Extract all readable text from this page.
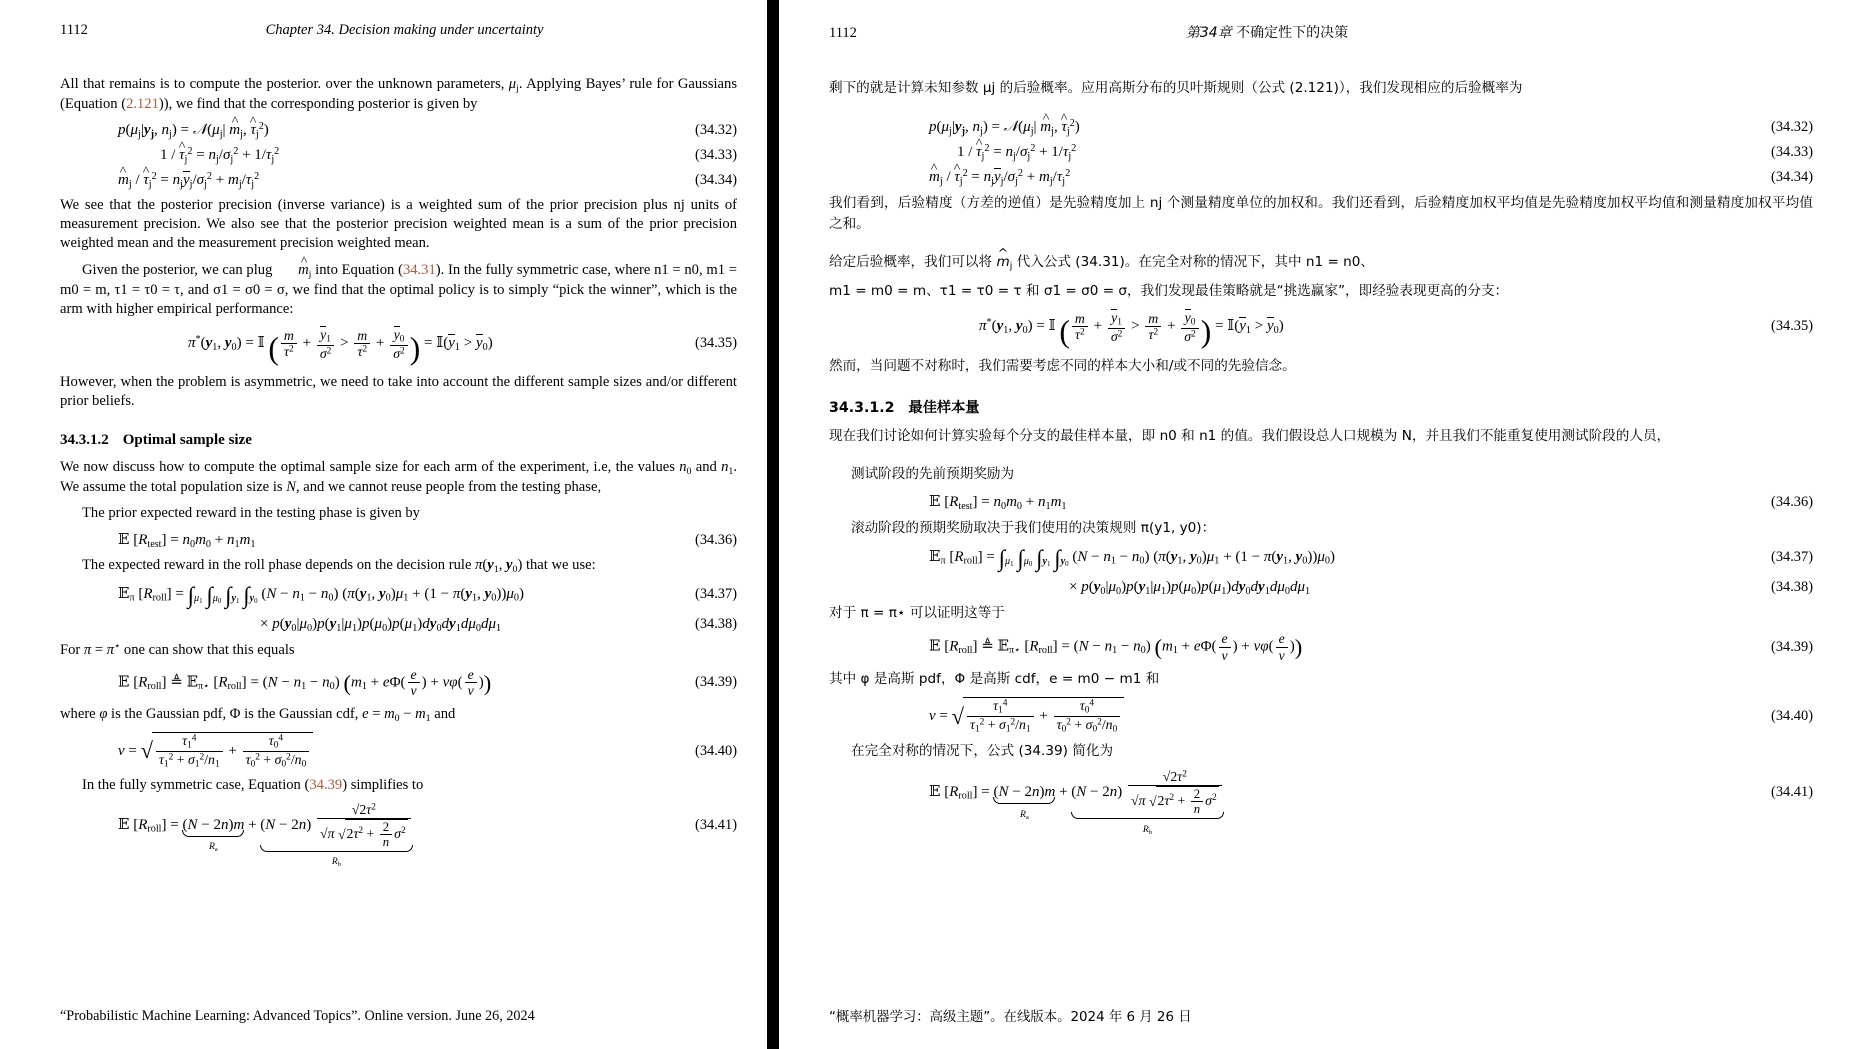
1112	Chapter 34. Decision making under uncertainty

All that remains is to compute the posterior. over the unknown parameters, $\mu_j$. Applying Bayes’ rule for Gaussians (Equation (2.121)), we find that the corresponding posterior is given by

$p(\mu_j|y_j$, $n_j$) = $𝒩(\mu_j|$ ^ $m_j$, ^ $\tau_j^2$)	(34.32)
1 / ^ $\tau_j^2 = n_j/\sigma_j^2 + 1/\tau_j^2$	(34.33)
^ $m_j$ / ^ $\tau_j^2 = n_jy_j/\sigma_j^2 + m_j/\tau_j^2$	(34.34)

We see that the posterior precision (inverse variance) is a weighted sum of the prior precision plus nj units of measurement precision. We also see that the posterior precision weighted mean is a sum of the prior precision weighted mean and the measurement precision weighted mean.

Given the posterior, we can plug ^ $m_j$ into Equation (34.31). In the fully symmetric case, where n1 = n0, m1 = m0 = m, τ1 = τ0 = τ, and σ1 = σ0 = σ, we find that the optimal policy is to simply “pick the winner”, which is the arm with higher empirical performance:

$\pi^*(y_1$, $y_0$) = 𝕀 ( $\frac{m}{\tau^2} + \frac{y_1}{\sigma^2} > \frac{m}{\tau^2} + \frac{y_0}{\sigma^2}$ ) = $𝕀(y_1 > y_0)$	(34.35)

However, when the problem is asymmetric, we need to take into account the different sample sizes and/or different prior beliefs.

34.3.1.2 Optimal sample size

We now discuss how to compute the optimal sample size for each arm of the experiment, i.e, the values $n_0$ and $n_1$. We assume the total population size is N, and we cannot reuse people from the testing phase,

The prior expected reward in the testing phase is given by

𝔼 $[R_{test}] = n_0m_0 + n_1m_1$	(34.36)

The expected reward in the roll phase depends on the decision rule $\pi(y_1$, $y_0$) that we use:

𝔼$_\pi$ $[R_{roll}] = \int_{\mu_1}$ $\int_{\mu_0}$ $\int_{y_1}$ $\int_{y_0}$ $(N - n_1 - n_0)$ ($\pi(y_1$, $y_0)\mu_1 + (1 - \pi(y_1$, $y_0))\mu_0$)	(34.37)
× $p(y_0|\mu_0)p(y_1|\mu_1)p(\mu_0)p(\mu_1)dy_0dy_1d\mu_0d\mu_1$	(34.38)

For π = π⋆ one can show that this equals

𝔼 $[R_{roll}]$ ≜ 𝔼$_{\pi⋆}$ $[R_{roll}] = (N - n_1 - n_0) (m_1 + e\Phi( \frac{e}{v}$ ) + $v\varphi( \frac{e}{v}$ ))	(34.39)

where φ is the Gaussian pdf, Φ is the Gaussian cdf, $e = m_0 - m_1$ and

v = √ $\frac{\tau_1^4}{\tau_1^2 + \sigma_1^2/n_1} + \frac{\tau_0^4}{\tau_0^2 + \sigma_0^2/n_0}$	(34.40)

In the fully symmetric case, Equation (34.39) simplifies to

𝔼 $[R_{roll}] = (N - 2n)m$
$R_a$
+ $(N - 2n) \frac{√2\tau^2}{√\pi √2\tau^2 + \frac{2}{n} \sigma^2}$
$R_b$
(34.41)
“Probabilistic Machine Learning: Advanced Topics”. Online version. June 26, 2024
1112	第34章 不确定性下的决策

剩下的就是计算未知参数 μj 的后验概率。应用高斯分布的贝叶斯规则（公式 (2.121)），我们发现相应的后验概率为

$p(\mu_j|y_j$, $n_j$) = $𝒩(\mu_j|$ ^ $m_j$, ^ $\tau_j^2$)	(34.32)
1 / ^ $\tau_j^2 = n_j/\sigma_j^2 + 1/\tau_j^2$	(34.33)
^ $m_j$ / ^ $\tau_j^2 = n_jy_j/\sigma_j^2 + m_j/\tau_j^2$	(34.34)

我们看到，后验精度（方差的逆值）是先验精度加上 nj 个测量精度单位的加权和。我们还看到，后验精度加权平均值是先验精度加权平均值和测量精度加权平均值之和。

给定后验概率，我们可以将 ^ $m_j$ 代入公式 (34.31)。在完全对称的情况下，其中 n1 = n0、

m1 = m0 = m、τ1 = τ0 = τ 和 σ1 = σ0 = σ，我们发现最佳策略就是“挑选赢家”，即经验表现更高的分支：

$\pi^*(y_1$, $y_0$) = 𝕀 ( $\frac{m}{\tau^2} + \frac{y_1}{\sigma^2} > \frac{m}{\tau^2} + \frac{y_0}{\sigma^2}$ ) = $𝕀(y_1 > y_0)$	(34.35)

然而，当问题不对称时，我们需要考虑不同的样本大小和/或不同的先验信念。

34.3.1.2 最佳样本量

现在我们讨论如何计算实验每个分支的最佳样本量，即 n0 和 n1 的值。我们假设总人口规模为 N，并且我们不能重复使用测试阶段的人员，

测试阶段的先前预期奖励为

𝔼 $[R_{test}] = n_0m_0 + n_1m_1$	(34.36)

滚动阶段的预期奖励取决于我们使用的决策规则 π(y1, y0)：

𝔼$_\pi$ $[R_{roll}] = \int_{\mu_1}$ $\int_{\mu_0}$ $\int_{y_1}$ $\int_{y_0}$ $(N - n_1 - n_0)$ ($\pi(y_1$, $y_0)\mu_1 + (1 - \pi(y_1$, $y_0))\mu_0$)	(34.37)
× $p(y_0|\mu_0)p(y_1|\mu_1)p(\mu_0)p(\mu_1)dy_0dy_1d\mu_0d\mu_1$	(34.38)

对于 π = π⋆ 可以证明这等于

𝔼 $[R_{roll}]$ ≜ 𝔼$_{\pi⋆}$ $[R_{roll}] = (N - n_1 - n_0) (m_1 + e\Phi( \frac{e}{v}$ ) + $v\varphi( \frac{e}{v}$ ))	(34.39)

其中 φ 是高斯 pdf，Φ 是高斯 cdf，e = m0 − m1 和

v = √ $\frac{\tau_1^4}{\tau_1^2 + \sigma_1^2/n_1} + \frac{\tau_0^4}{\tau_0^2 + \sigma_0^2/n_0}$	(34.40)

在完全对称的情况下，公式 (34.39) 简化为

𝔼 $[R_{roll}] = (N - 2n)m$
$R_a$
+ $(N - 2n) \frac{√2\tau^2}{√\pi √2\tau^2 + \frac{2}{n} \sigma^2}$
$R_b$
(34.41)
“概率机器学习：高级主题”。在线版本。2024 年 6 月 26 日
